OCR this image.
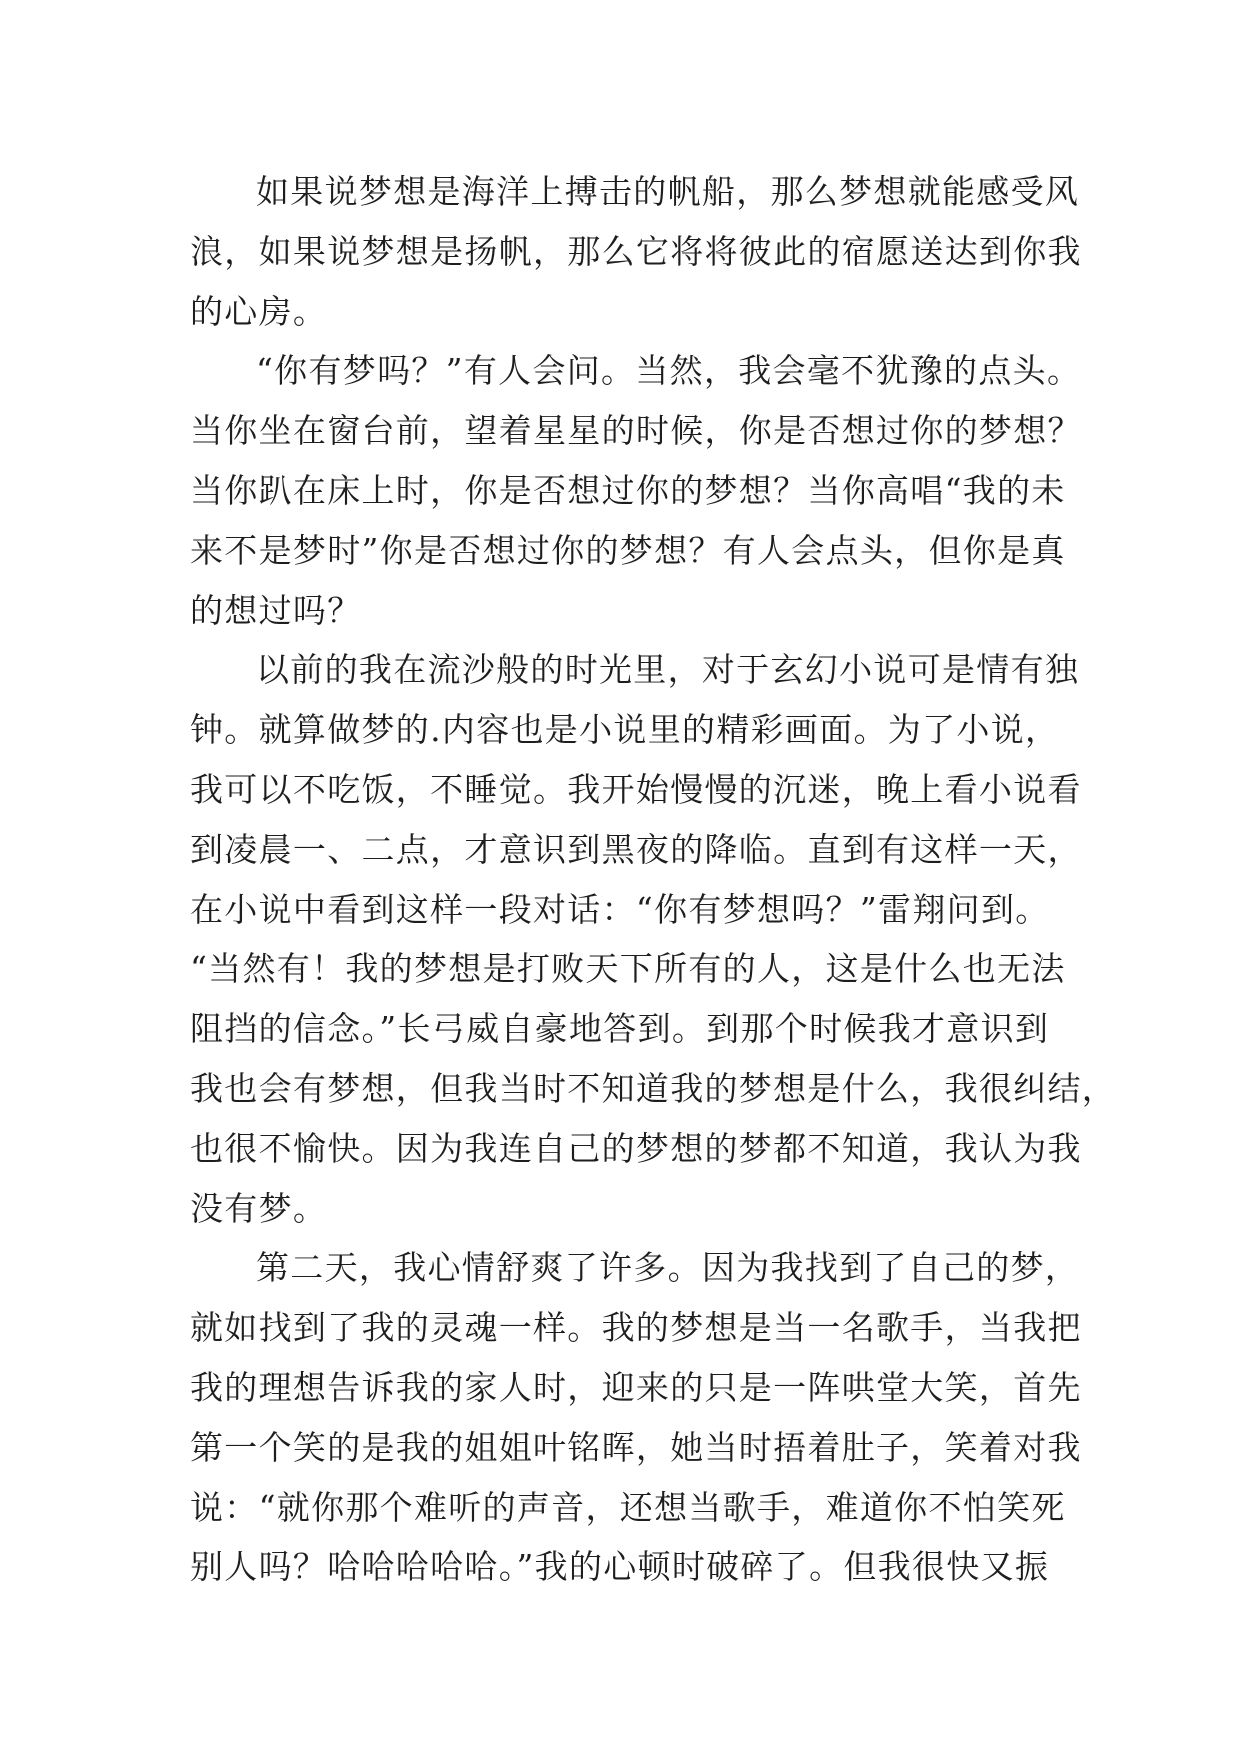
如果说梦想是海洋上搏击的帆船，那么梦想就能感受风
浪，如果说梦想是扬帆，那么它将将彼此的宿愿送达到你我
的心房。
“你有梦吗？”有人会问。当然，我会毫不犹豫的点头。
当你坐在窗台前，望着星星的时候，你是否想过你的梦想？
当你趴在床上时，你是否想过你的梦想？当你高唱“我的未
来不是梦时”你是否想过你的梦想？有人会点头，但你是真
的想过吗？
以前的我在流沙般的时光里，对于玄幻小说可是情有独
钟。就算做梦的.内容也是小说里的精彩画面。为了小说，
我可以不吃饭，不睡觉。我开始慢慢的沉迷，晚上看小说看
到凌晨一、二点，才意识到黑夜的降临。直到有这样一天，
在小说中看到这样一段对话：“你有梦想吗？”雷翔问到。
“当然有！我的梦想是打败天下所有的人，这是什么也无法
阻挡的信念。”长弓威自豪地答到。到那个时候我才意识到
我也会有梦想，但我当时不知道我的梦想是什么，我很纠结，
也很不愉快。因为我连自己的梦想的梦都不知道，我认为我
没有梦。
第二天，我心情舒爽了许多。因为我找到了自己的梦，
就如找到了我的灵魂一样。我的梦想是当一名歌手，当我把
我的理想告诉我的家人时，迎来的只是一阵哄堂大笑，首先
第一个笑的是我的姐姐叶铭晖，她当时捂着肚子，笑着对我
说：“就你那个难听的声音，还想当歌手，难道你不怕笑死
别人吗？哈哈哈哈哈。”我的心顿时破碎了。但我很快又振
